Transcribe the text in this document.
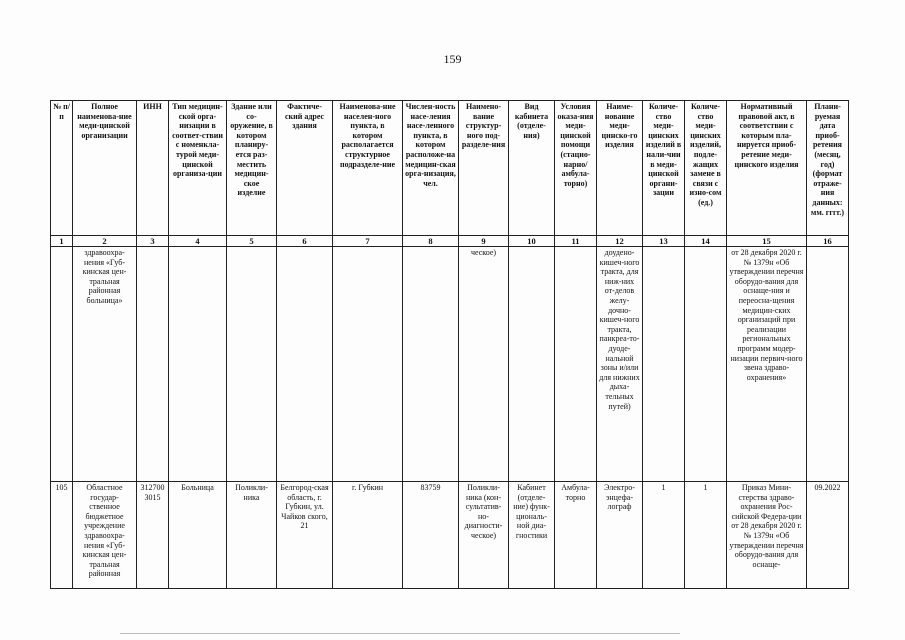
159
№ п/п	Полное наименова-ние меди-цинской организации	ИНН	Тип медицин-ской орга-низации в соответ-ствии с номенкла-турой меди-цинской организа-ции	Здание или со-оружение, в котором планиру-ется раз-местить медицин-ское изделие	Фактиче-ский адрес здания	Наименова-ние населен-ного пункта, в котором располагается структурное подразделе-ние	Числен-ность насе-ления насе-ленного пункта, в котором расположе-на медицин-ская орга-низация, чел.	Наимено-вание структур-ного под-разделе-ния	Вид кабинета (отделе-ния)	Условия оказа-ния меди-цинской помощи (стацио-нарно/ амбула-торно)	Наиме-нование меди-цинско-го изделия	Количе-ство меди-цинских изделий в нали-чии в меди-цинской органи-зации	Количе-ство меди-цинских изделий, подле-жащих замене в связи с изно-сом (ед.)	Нормативный правовой акт, в соответствии с которым пла-нируется приоб-ретение меди-цинского изделия	Плани-руемая дата приоб-ретения (месяц, год) (формат отраже-ния данных: мм. гггг.)
1	2	3	4	5	6	7	8	9	10	11	12	13	14	15	16
	здравоохра-нения «Губ-кинская цен-тральная районная больница»							ческое)			доудено-кишеч-ного тракта, для ниж-них от-делов желу-дочно-кишеч-ного тракта, панкреа-то-дуоде-нальной зоны и/или для нижних дыха-тельных путей)			от 28 декабря 2020 г. № 1379н «Об утверждении перечня оборудо-вания для оснаще-ния и переосна-щения медицин-ских организаций при реализации региональных программ модер-низации первич-ного звена здраво-охранения»	
105	Областное государ-ственное бюджетное учреждение здравоохра-нения «Губ-кинская цен-тральная районная	312700 3015	Больница	Поликли-ника	Белгород-ская область, г. Губкин, ул. Чайков ского, 21	г. Губкин	83759	Поликли-ника (кон-сультатив-но-диагности-ческое)	Кабинет (отделе-ние) функ-циональ-ной диа-гностики	Амбула-торно	Электро-энцефа-лограф	1	1	Приказ Мини-стерства здраво-охранения Рос-сийской Федера-ции от 28 декабря 2020 г. № 1379н «Об утверждении перечня оборудо-вания для оснаще-	09.2022
